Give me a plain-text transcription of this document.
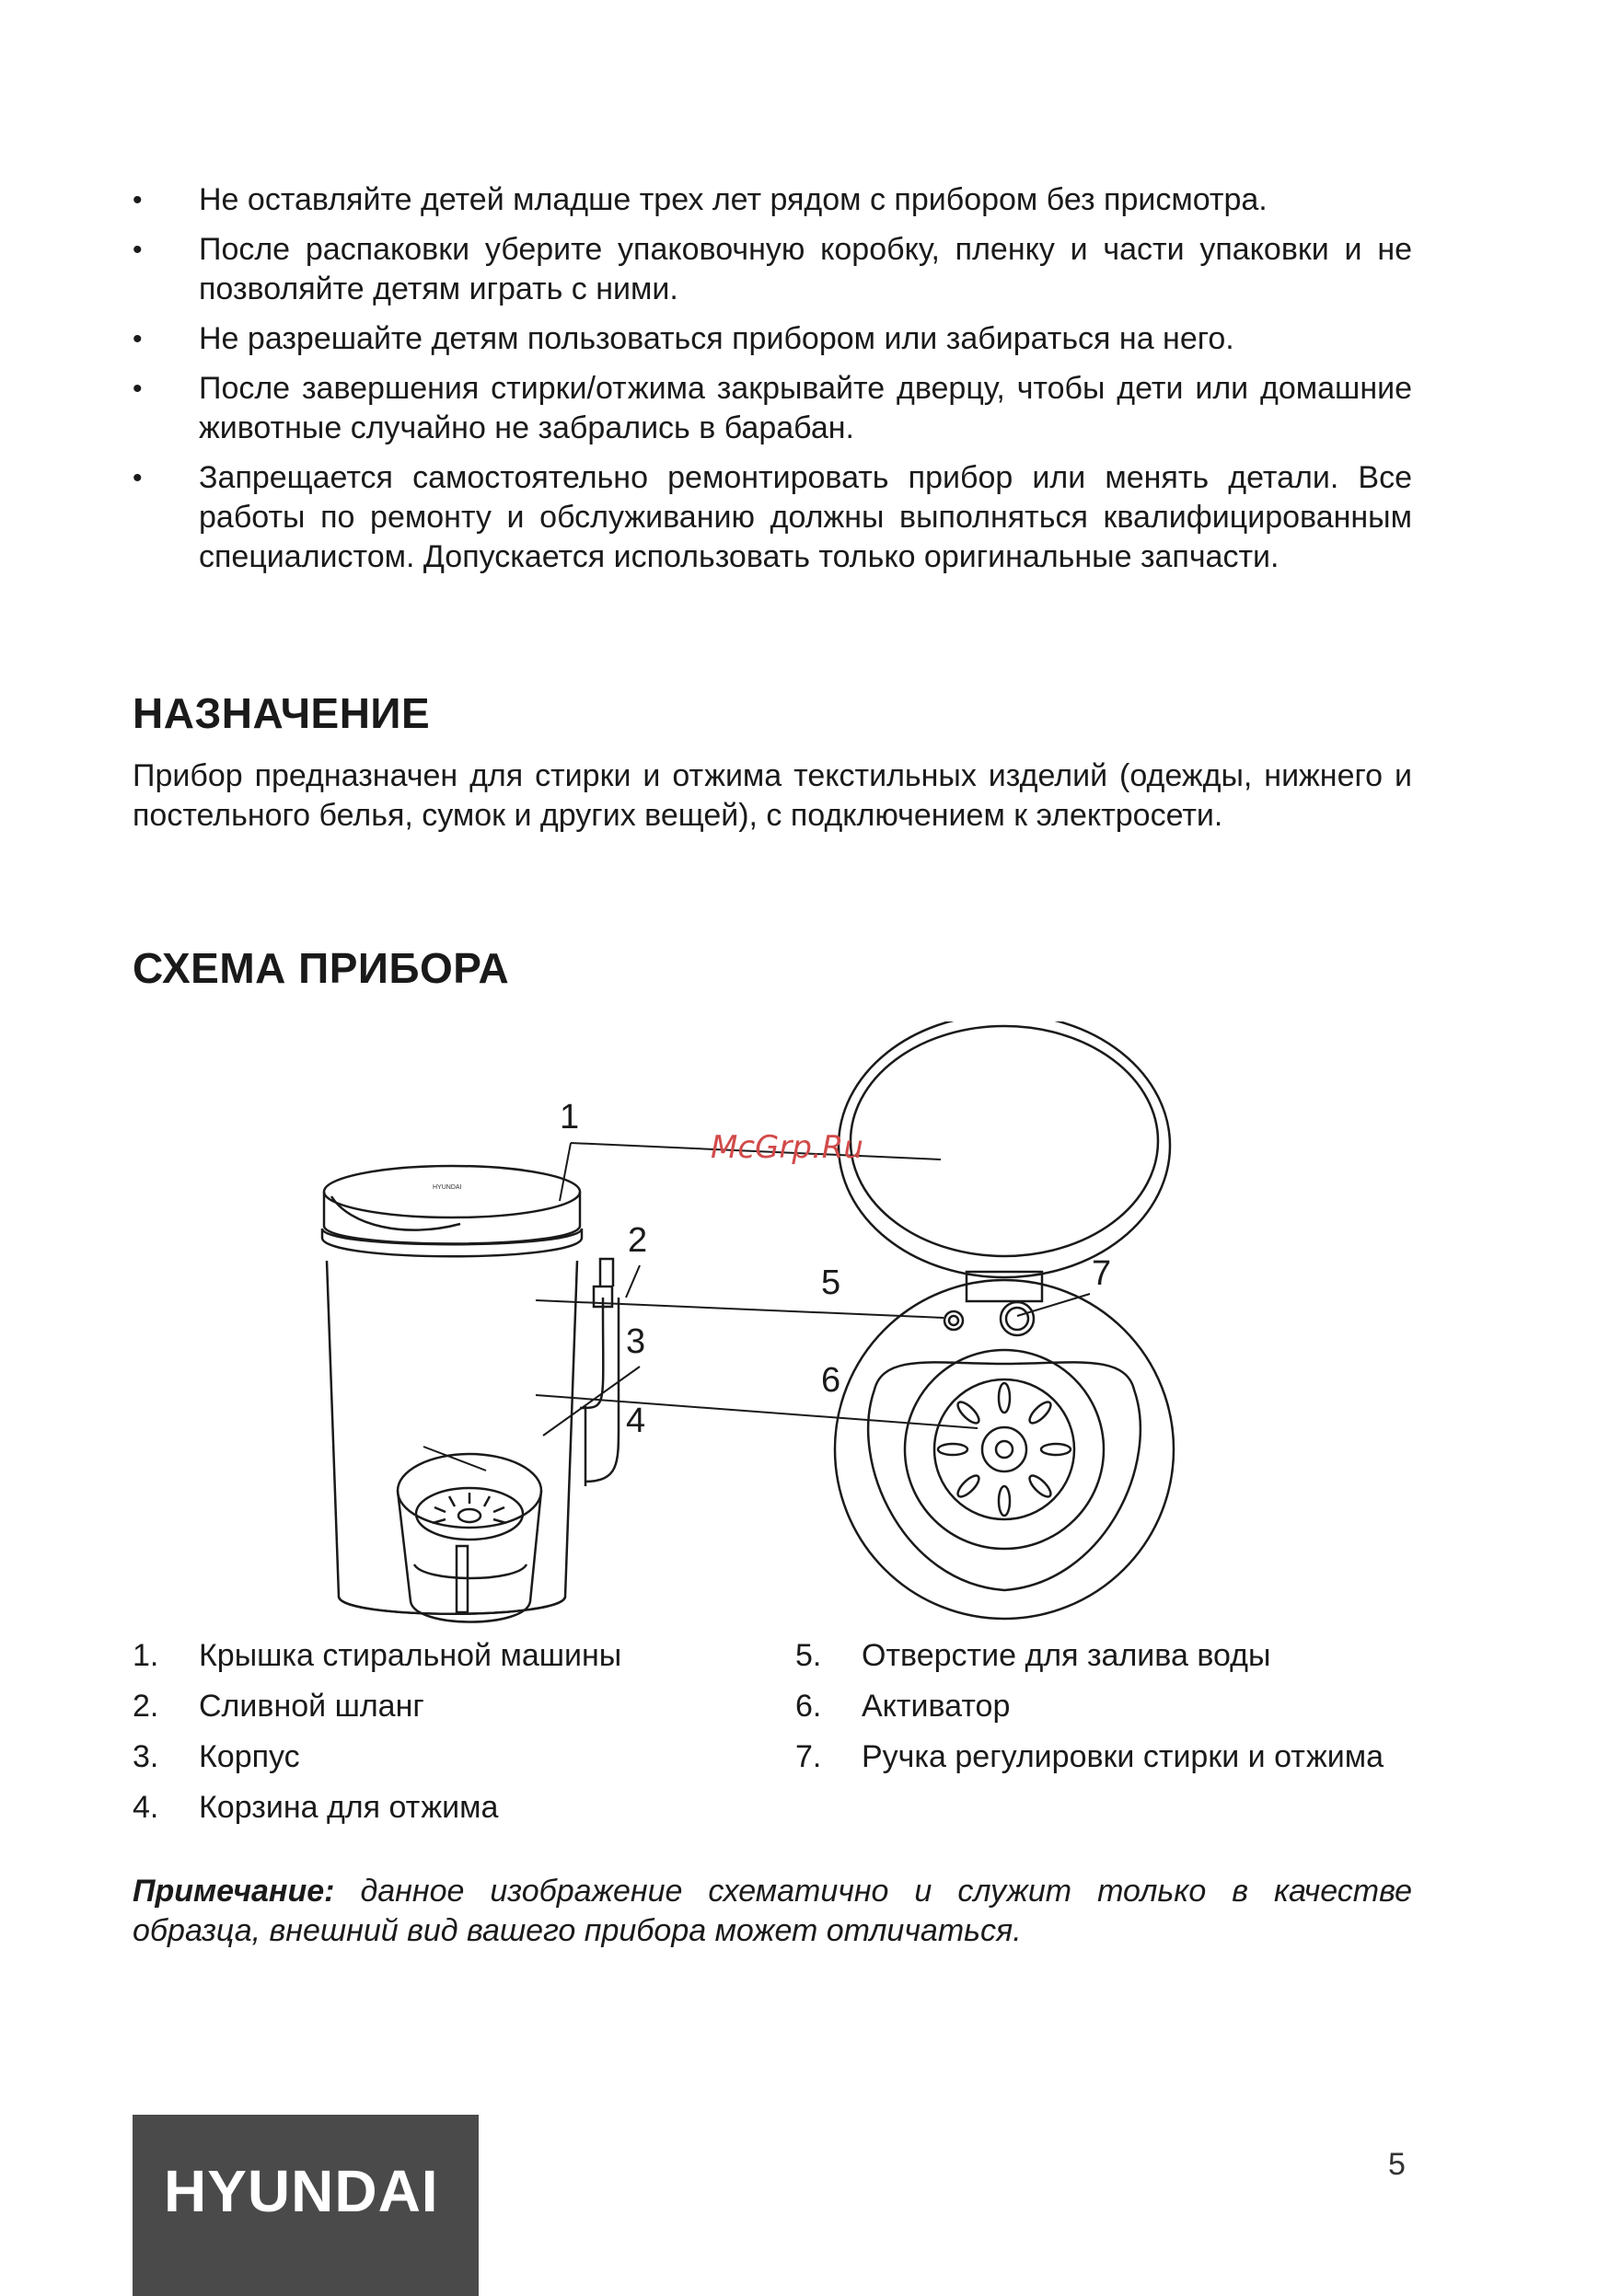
• Не оставляйте детей младше трех лет рядом с прибором без присмотра.
• После распаковки уберите упаковочную коробку, пленку и части упаковки и не позволяйте детям играть с ними.
• Не разрешайте детям пользоваться прибором или забираться на него.
• После завершения стирки/отжима закрывайте дверцу, чтобы дети или домашние животные случайно не забрались в барабан.
• Запрещается самостоятельно ремонтировать прибор или менять детали. Все работы по ремонту и обслуживанию должны выполняться квалифицированным специалистом. Допускается использовать только оригинальные запчасти.
НАЗНАЧЕНИЕ

Прибор предназначен для стирки и отжима текстильных изделий (одежды, нижнего и постельного белья, сумок и других вещей), с подключением к электросети.

СХЕМА ПРИБОРА
HYUNDAI
1
2
3
4
5
6
7
McGrp.Ru
1.	Крышка стиральной машины
2.	Сливной шланг
3.	Корпус
4.	Корзина для отжима
5.	Отверстие для залива воды
6.	Активатор
7.	Ручка регулировки стирки и отжима

Примечание: данное изображение схематично и служит только в качестве образца, внешний вид вашего прибора может отличаться.

HYUNDAI	5
